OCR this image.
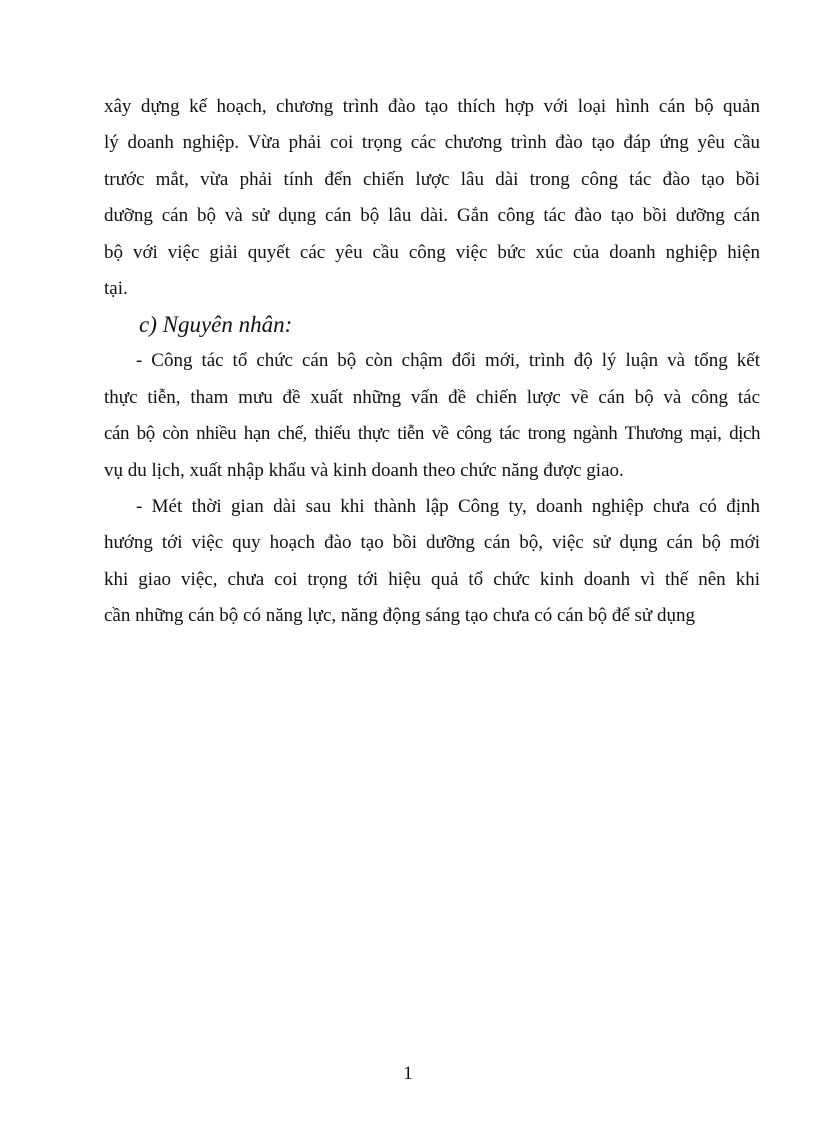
xây dựng kế hoạch, chương trình đào tạo thích hợp với loại hình cán bộ quản
lý doanh nghiệp. Vừa phải coi trọng các chương trình đào tạo đáp ứng yêu cầu
trước mắt, vừa phải tính đến chiến lược lâu dài trong công tác đào tạo bồi
dưỡng cán bộ và sử dụng cán bộ lâu dài. Gắn công tác đào tạo bồi dưỡng cán
bộ với việc giải quyết các yêu cầu công việc bức xúc của doanh nghiệp hiện
tại.
c) Nguyên nhân:
- Công tác tổ chức cán bộ còn chậm đổi mới, trình độ lý luận và tổng kết
thực tiễn, tham mưu đề xuất những vấn đề chiến lược về cán bộ và công tác
cán bộ còn nhiều hạn chế, thiếu thực tiễn về công tác trong ngành Thương mại, dịch
vụ du lịch, xuất nhập khẩu và kinh doanh theo chức năng được giao.
- Mét thời gian dài sau khi thành lập Công ty, doanh nghiệp chưa có định
hướng tới việc quy hoạch đào tạo bồi dưỡng cán bộ, việc sử dụng cán bộ mới
khi giao việc, chưa coi trọng tới hiệu quả tổ chức kinh doanh vì thế nên khi
cần những cán bộ có năng lực, năng động sáng tạo chưa có cán bộ để sử dụng
1
